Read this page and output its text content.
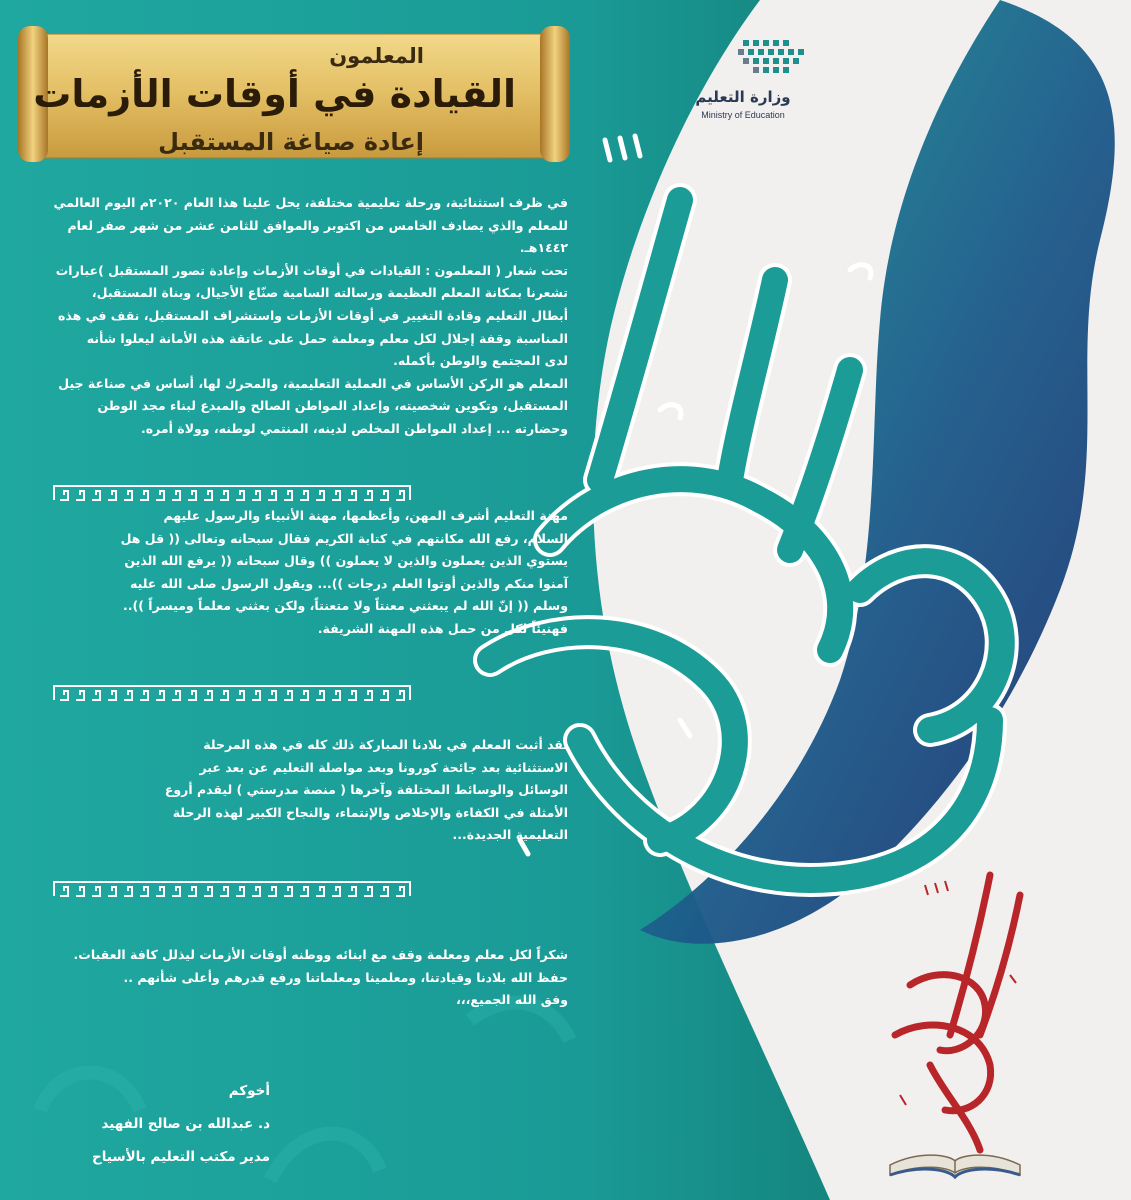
المعلمون
القيادة في أوقات الأزمات
إعادة صياغة المستقبل
وزارة التعليم
Ministry of Education

في ظرف استثنائية، ورحلة تعليمية مختلفة، يحل علينا هذا العام ٢٠٢٠م اليوم العالمي

للمعلم والذي يصادف الخامس من اكتوبر والموافق للثامن عشر من شهر صفر لعام

١٤٤٢هـ.

تحت شعار ( المعلمون : القيادات في أوقات الأزمات وإعادة تصور المستقبل )عبارات

تشعرنا بمكانة المعلم العظيمة ورسالته السامية صنّاع الأجيال، وبناة المستقبل،

أبطال التعليم وقادة التغيير في أوقات الأزمات واستشراف المستقبل، نقف في هذه

المناسبة وقفة إجلال لكل معلم ومعلمة حمل على عاتقة هذه الأمانة ليعلوا شأنه

لدى المجتمع والوطن بأكمله.

المعلم هو الركن الأساس في العملية التعليمية، والمحرك لها، أساس في صناعة جيل

المستقبل، وتكوين شخصيته، وإعداد المواطن الصالح والمبدع لبناء مجد الوطن

وحضارته ... إعداد المواطن المخلص لدينه، المنتمي لوطنه، وولاة أمره.

مهنة التعليم أشرف المهن، وأعظمها، مهنة الأنبياء والرسول عليهم

السلام، رفع الله مكانتهم في كتابة الكريم فقال سبحانه وتعالى (( قل هل

يستوي الذين يعملون والذين لا يعملون )) وقال سبحانه (( يرفع الله الذين

آمنوا منكم والذين أوتوا العلم درجات ))... ويقول الرسول صلى الله عليه

وسلم (( إنّ الله لم يبعثني معنتاً ولا متعنتاً، ولكن بعثني معلماً وميسراً ))..

فهنيئاً لكل من حمل هذه المهنة الشريفة.

لقد أثبت المعلم في بلادنا المباركة ذلك كله في هذه المرحلة

الاستثنائية بعد جائحة كورونا وبعد مواصلة التعليم عن بعد عبر

الوسائل والوسائط المختلفة وآخرها ( منصة مدرستي ) ليقدم أروع

الأمثلة في الكفاءة والإخلاص والإنتماء، والنجاح الكبير لهذه الرحلة

التعليمية الجديدة...

شكراً لكل معلم ومعلمة وقف مع ابنائه ووطنه أوقات الأزمات ليذلل كافة العقبات.

حفظ الله بلادنا وقيادتنا، ومعلمينا ومعلماتنا ورفع قدرهم وأعلى شأنهم ..

وفق الله الجميع،،،

أخوكم
د. عبدالله بن صالح الفهيد
مدير مكتب التعليم بالأسياح
